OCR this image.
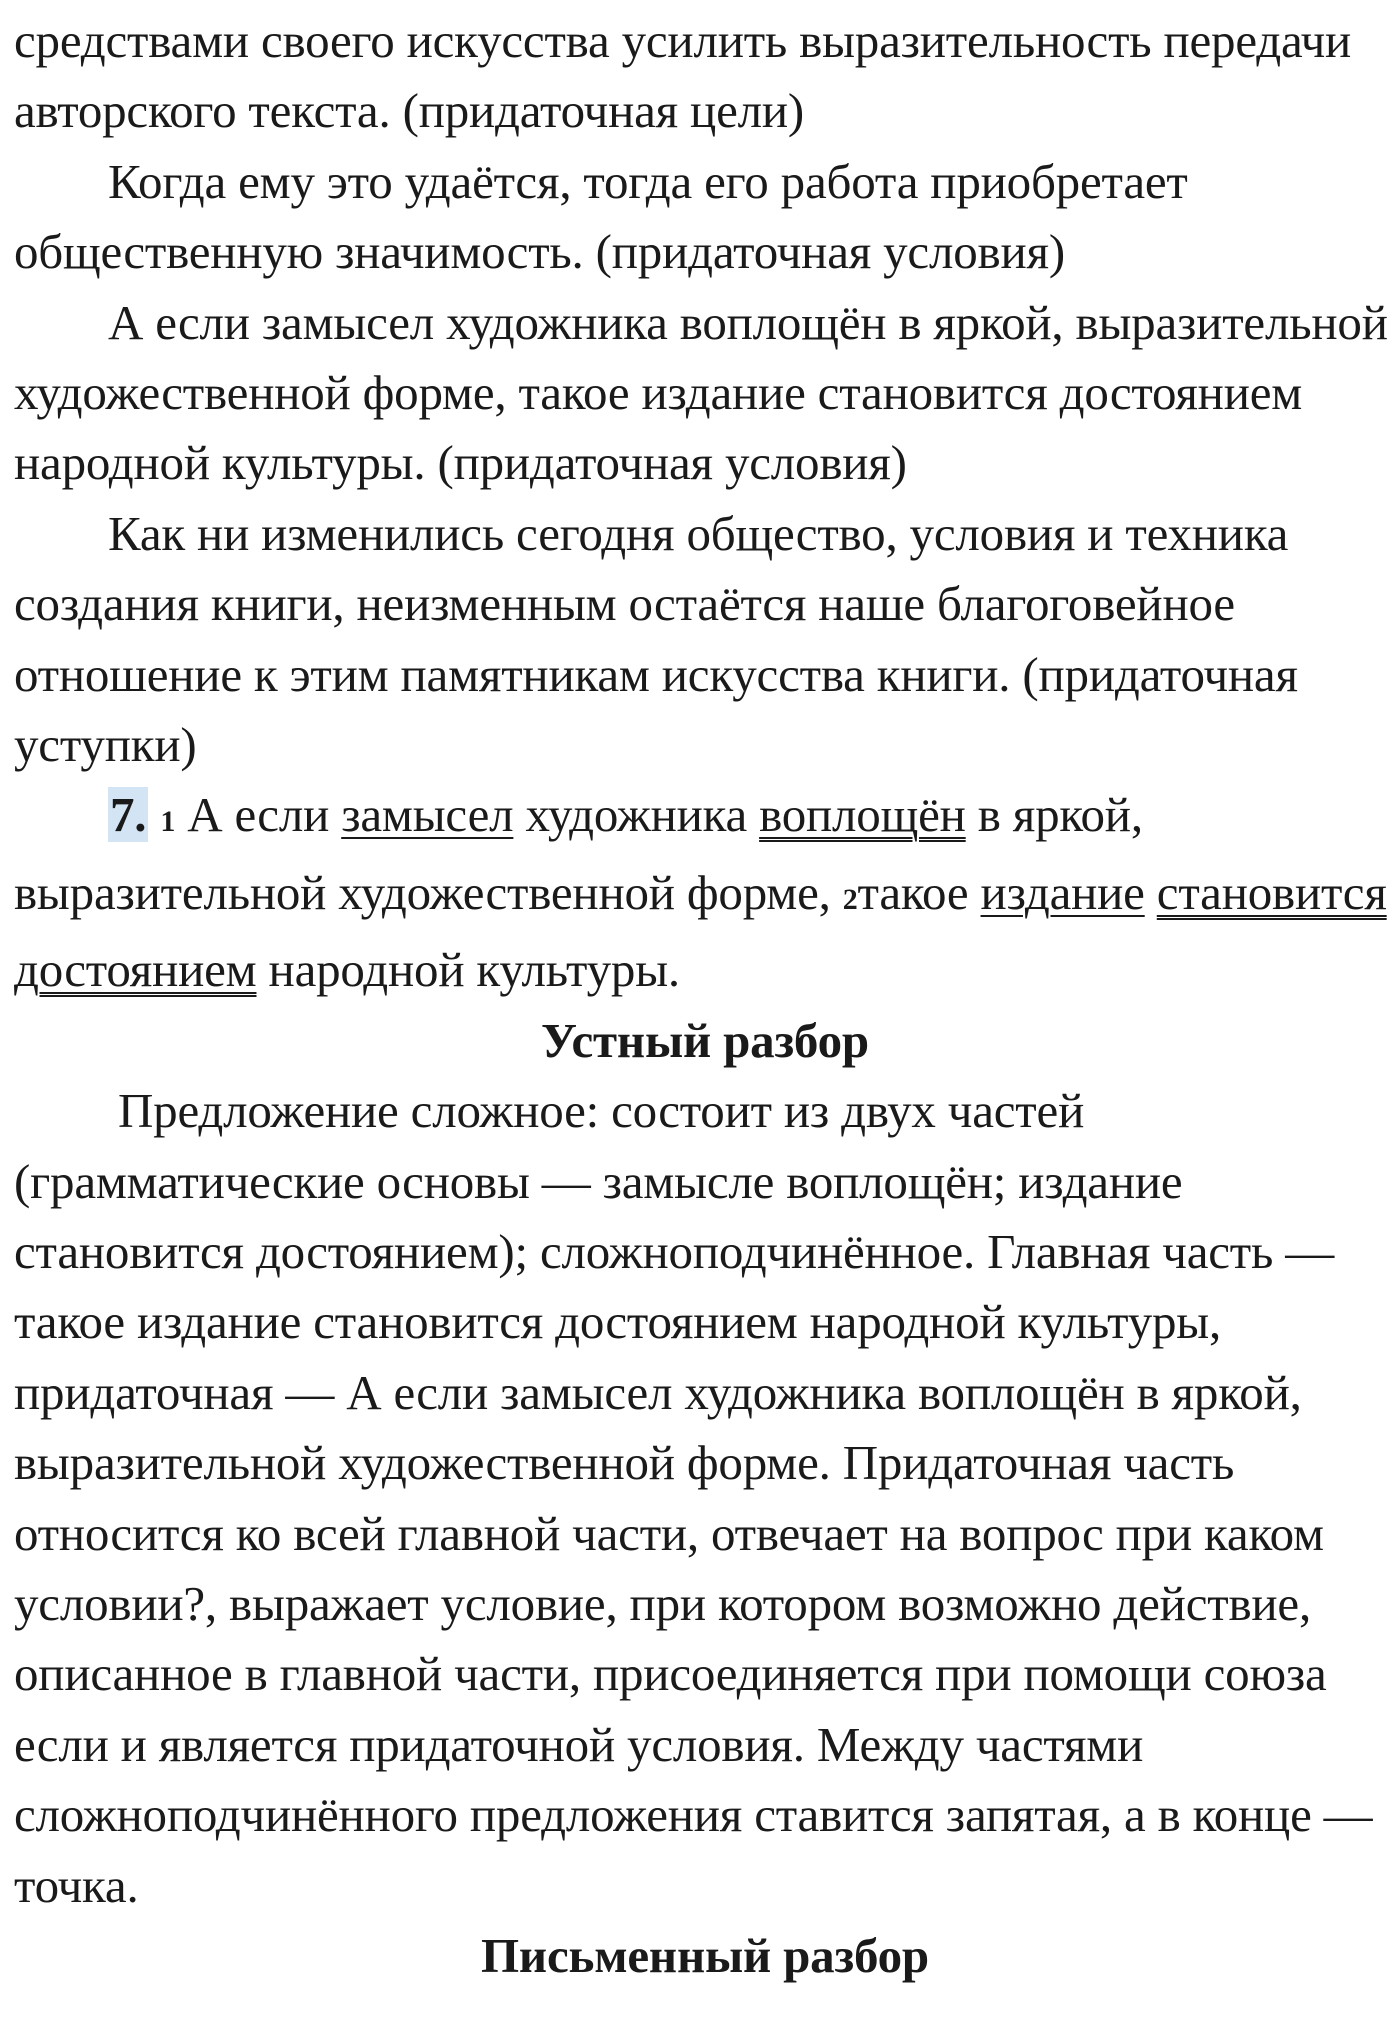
средствами своего искусства усилить выразительность передачи авторского текста. (придаточная цели)

Когда ему это удаётся, тогда его работа приобретает общественную значимость. (придаточная условия)

А если замысел художника воплощён в яркой, выразительной художественной форме, такое издание становится достоянием народной культуры. (придаточная условия)

Как ни изменились сегодня общество, условия и техника создания книги, неизменным остаётся наше благоговейное отношение к этим памятникам искусства книги. (придаточная уступки)

7. 1 А если замысел художника воплощён в яркой, выразительной художественной форме, 2такое издание становится достоянием народной культуры.

Устный разбор

Предложение сложное: состоит из двух частей (грамматические основы — замысле воплощён; издание становится достоянием); сложноподчинённое. Главная часть — такое издание становится достоянием народной культуры, придаточная — А если замысел художника воплощён в яркой, выразительной художественной форме. Придаточная часть относится ко всей главной части, отвечает на вопрос при каком условии?, выражает условие, при котором возможно действие, описанное в главной части, присоединяется при помощи союза если и является придаточной условия. Между частями сложноподчинённого предложения ставится запятая, а в конце — точка.

Письменный разбор
